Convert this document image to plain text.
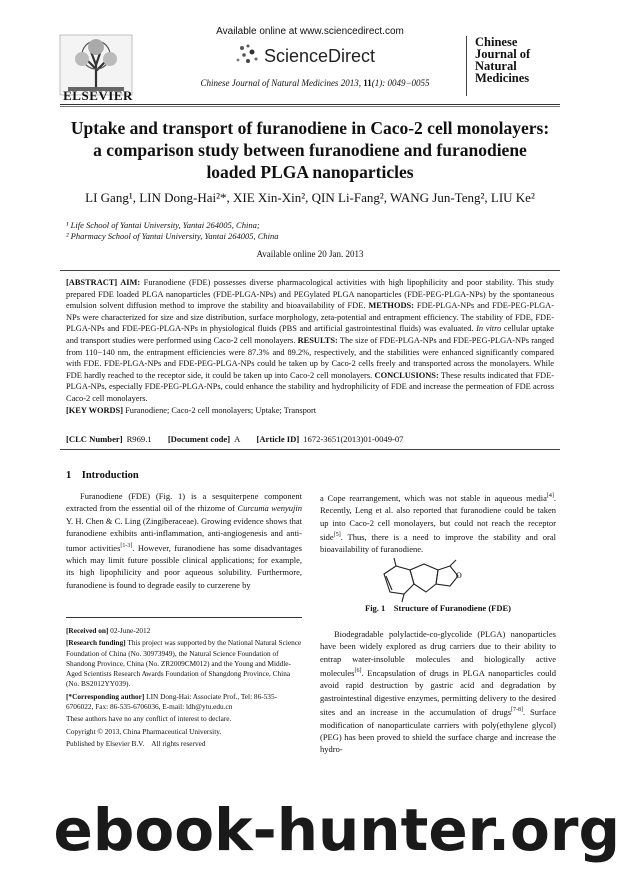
ELSEVIER
Available online at www.sciencedirect.com
ScienceDirect
Chinese Journal of Natural Medicines 2013, 11(1): 0049−0055
Chinese
Journal of
Natural
Medicines
Uptake and transport of furanodiene in Caco-2 cell monolayers: a comparison study between furanodiene and furanodiene loaded PLGA nanoparticles
LI Gang¹, LIN Dong-Hai²*, XIE Xin-Xin², QIN Li-Fang², WANG Jun-Teng², LIU Ke²
¹ Life School of Yantai University, Yantai 264005, China;
² Pharmacy School of Yantai University, Yantai 264005, China
Available online 20 Jan. 2013
[ABSTRACT] AIM: Furanodiene (FDE) possesses diverse pharmacological activities with high lipophilicity and poor stability. This study prepared FDE loaded PLGA nanoparticles (FDE-PLGA-NPs) and PEGylated PLGA nanoparticles (FDE-PEG-PLGA-NPs) by the spontaneous emulsion solvent diffusion method to improve the stability and bioavailability of FDE. METHODS: FDE-PLGA-NPs and FDE-PEG-PLGA-NPs were characterized for size and size distribution, surface morphology, zeta-potential and entrapment efficiency. The stability of FDE, FDE-PLGA-NPs and FDE-PEG-PLGA-NPs in physiological fluids (PBS and artificial gastrointestinal fluids) was evaluated. In vitro cellular uptake and transport studies were performed using Caco-2 cell monolayers. RESULTS: The size of FDE-PLGA-NPs and FDE-PEG-PLGA-NPs ranged from 110−140 nm, the entrapment efficiencies were 87.3% and 89.2%, respectively, and the stabilities were enhanced significantly compared with FDE. FDE-PLGA-NPs and FDE-PEG-PLGA-NPs could be taken up by Caco-2 cells freely and transported across the monolayers. While FDE hardly reached to the receptor side, it could be taken up into Caco-2 cell monolayers. CONCLUSIONS: These results indicated that FDE-PLGA-NPs, especially FDE-PEG-PLGA-NPs, could enhance the stability and hydrophilicity of FDE and increase the permeation of FDE across Caco-2 cell monolayers.
[KEY WORDS] Furanodiene; Caco-2 cell monolayers; Uptake; Transport
[CLC Number] R969.1 [Document code] A [Article ID] 1672-3651(2013)01-0049-07
1    Introduction

Furanodiene (FDE) (Fig. 1) is a sesquiterpene component extracted from the essential oil of the rhizome of Curcuma wenyujin Y. H. Chen & C. Ling (Zingiberaceae). Growing evidence shows that furanodiene exhibits anti-inflammation, anti-angiogenesis and anti-tumor activities[1-3]. However, furanodiene has some disadvantages which may limit future possible clinical applications; for example, its high lipophilicity and poor aqueous solubility. Furthermore, furanodiene is found to degrade easily to curzerene by

a Cope rearrangement, which was not stable in aqueous media[4]. Recently, Leng et al. also reported that furanodiene could be taken up into Caco-2 cell monolayers, but could not reach the receptor side[5]. Thus, there is a need to improve the stability and oral bioavailability of furanodiene.

O
Fig. 1    Structure of Furanodiene (FDE)

Biodegradable polylactide-co-glycolide (PLGA) nanoparticles have been widely explored as drug carriers due to their ability to entrap water-insoluble molecules and biologically active molecules[6]. Encapsulation of drugs in PLGA nanoparticles could avoid rapid destruction by gastric acid and degradation by gastrointestinal digestive enzymes, permitting delivery to the desired sites and an increase in the accumulation of drugs[7-8]. Surface modification of nanoparticulate carriers with poly(ethylene glycol) (PEG) has been proved to shield the surface charge and increase the hydro-

[Received on] 02-June-2012

[Research funding] This project was supported by the National Natural Science Foundation of China (No. 30973949), the Natural Science Foundation of Shandong Province, China (No. ZR2009CM012) and the Young and Middle-Aged Scientists Research Awards Foundation of Shangdong Province, China (No. BS2012YY039).

[*Corresponding author] LIN Dong-Hai: Associate Prof., Tel: 86-535-6706022, Fax: 86-535-6706036, E-mail: ldh@ytu.edu.cn

These authors have no any conflict of interest to declare.

Copyright © 2013, China Pharmaceutical University.

Published by Elsevier B.V.    All rights reserved

ebook-hunter.org
